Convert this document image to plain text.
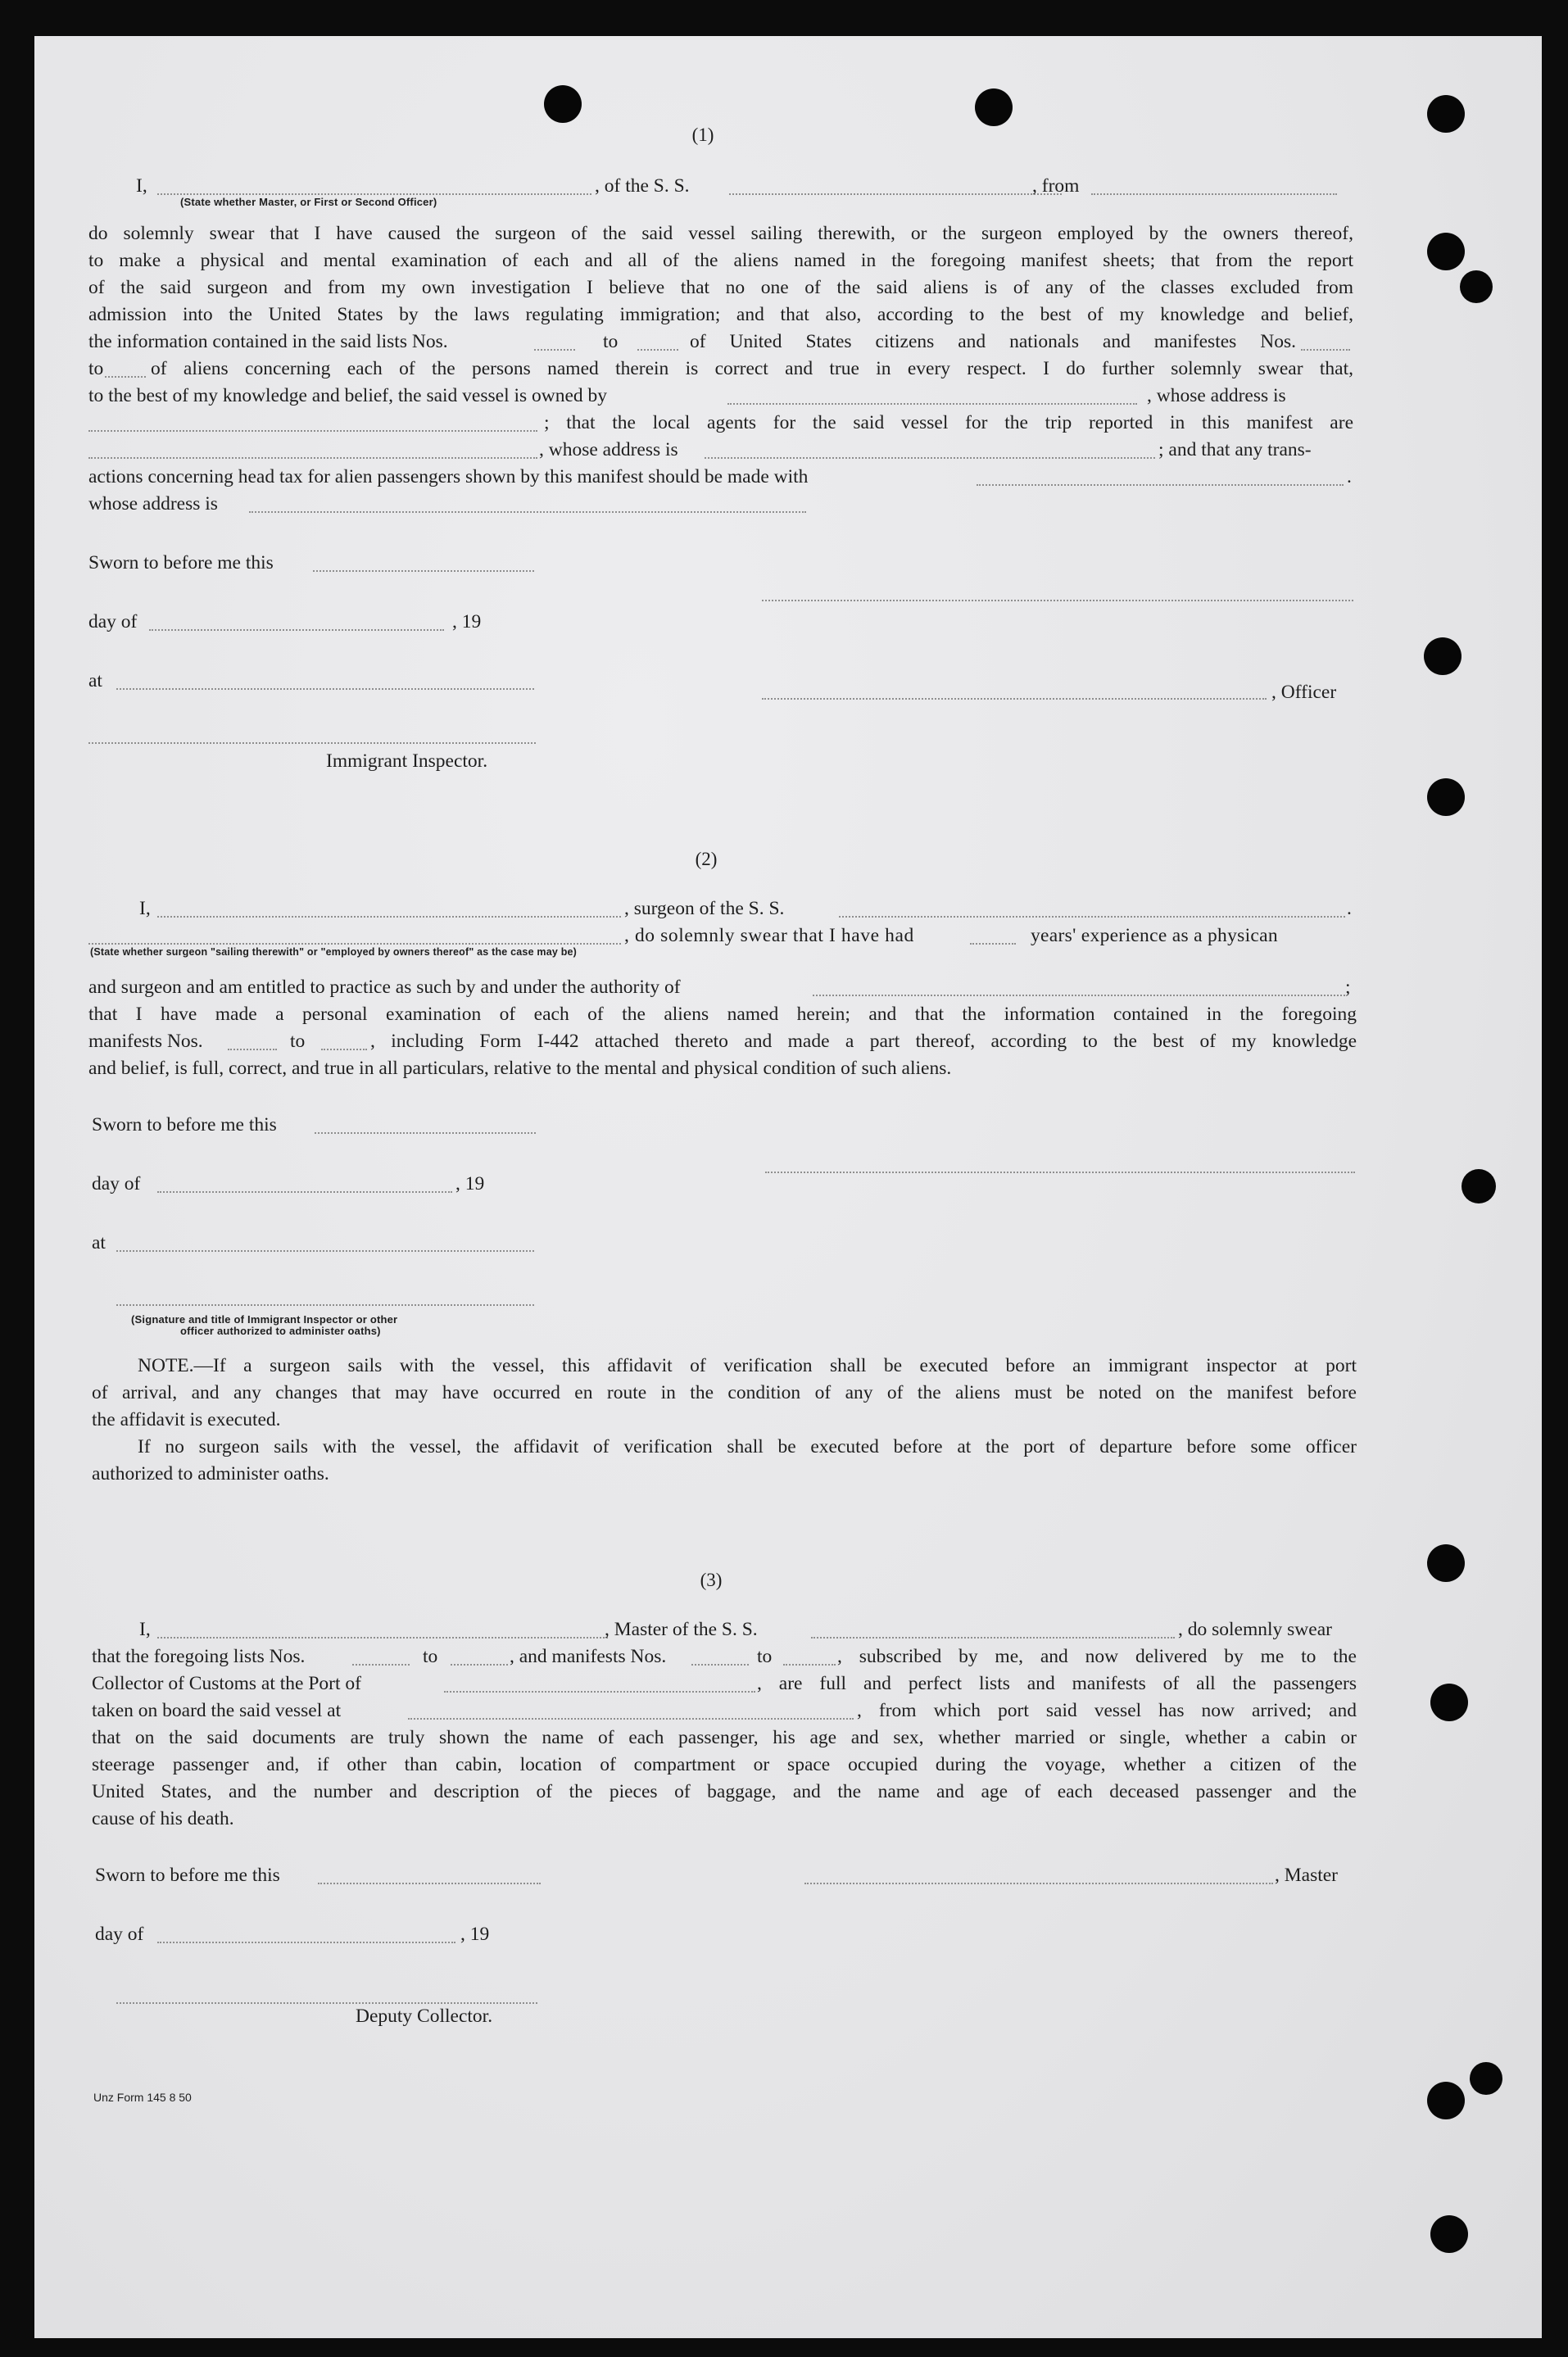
(1)
I,	, of the S. S.	, from
(State whether Master, or First or Second Officer)
do solemnly swear that I have caused the surgeon of the said vessel sailing therewith, or the surgeon employed by the owners thereof,
to make a physical and mental examination of each and all of the aliens named in the foregoing manifest sheets; that from the report
of the said surgeon and from my own investigation I believe that no one of the said aliens is of any of the classes excluded from
admission into the United States by the laws regulating immigration; and that also, according to the best of my knowledge and belief,
the information contained in the said lists Nos.	to	of United States citizens and nationals and manifestes Nos.
to of aliens concerning each of the persons named therein is correct and true in every respect. I do further solemnly swear that,
to the best of my knowledge and belief, the said vessel is owned by	, whose address is
; that the local agents for the said vessel for the trip reported in this manifest are
, whose address is	; and that any trans-
actions concerning head tax for alien passengers shown by this manifest should be made with	.
whose address is
Sworn to before me this
day of	, 19
at
, Officer
Immigrant Inspector.
(2)
I,	, surgeon of the S. S.	.
, do solemnly swear that I have had	years' experience as a physican
(State whether surgeon "sailing therewith" or "employed by owners thereof" as the case may be)
and surgeon and am entitled to practice as such by and under the authority of	;
that I have made a personal examination of each of the aliens named herein; and that the information contained in the foregoing
manifests Nos.	to	, including Form I-442 attached thereto and made a part thereof, according to the best of my knowledge
and belief, is full, correct, and true in all particulars, relative to the mental and physical condition of such aliens.
Sworn to before me this
day of	, 19
at
(Signature and title of Immigrant Inspector or other
officer authorized to administer oaths)
NOTE.—If a surgeon sails with the vessel, this affidavit of verification shall be executed before an immigrant inspector at port
of arrival, and any changes that may have occurred en route in the condition of any of the aliens must be noted on the manifest before
the affidavit is executed.
If no surgeon sails with the vessel, the affidavit of verification shall be executed before at the port of departure before some officer
authorized to administer oaths.
(3)
I,	, Master of the S. S.	, do solemnly swear
that the foregoing lists Nos.	to	, and manifests Nos.	to	, subscribed by me, and now delivered by me to the
Collector of Customs at the Port of	, are full and perfect lists and manifests of all the passengers
taken on board the said vessel at	, from which port said vessel has now arrived; and
that on the said documents are truly shown the name of each passenger, his age and sex, whether married or single, whether a cabin or
steerage passenger and, if other than cabin, location of compartment or space occupied during the voyage, whether a citizen of the
United States, and the number and description of the pieces of baggage, and the name and age of each deceased passenger and the
cause of his death.
Sworn to before me this	, Master
day of	, 19
Deputy Collector.
Unz Form 145 8 50
